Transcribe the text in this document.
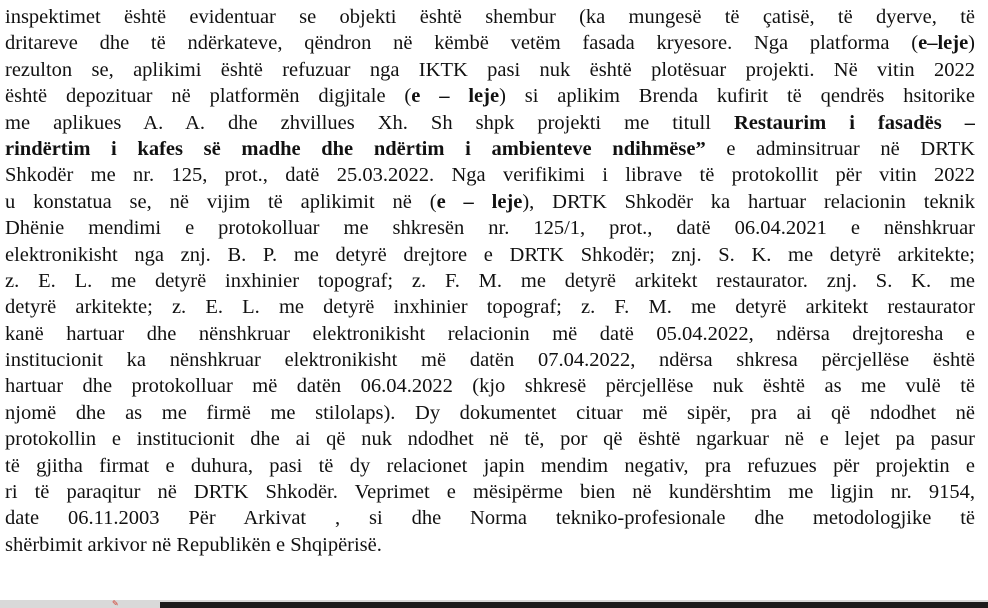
inspektimet është evidentuar se objekti është shembur (ka mungesë të çatisë, të dyerve, të
dritareve dhe të ndërkateve, qëndron në këmbë vetëm fasada kryesore. Nga platforma (e–leje)
rezulton se, aplikimi është refuzuar nga IKTK pasi nuk është plotësuar projekti. Në vitin 2022
është depozituar në platformën digjitale (e – leje) si aplikim Brenda kufirit të qendrës hsitorike
me aplikues A. A. dhe zhvillues Xh. Sh shpk projekti me titull Restaurim i fasadës –
rindërtim i kafes së madhe dhe ndërtim i ambienteve ndihmëse” e adminsitruar në DRTK
Shkodër me nr. 125, prot., datë 25.03.2022. Nga verifikimi i librave të protokollit për vitin 2022
u konstatua se, në vijim të aplikimit në (e – leje), DRTK Shkodër ka hartuar relacionin teknik
Dhënie mendimi e protokolluar me shkresën nr. 125/1, prot., datë 06.04.2021 e nënshkruar
elektronikisht nga znj. B. P. me detyrë drejtore e DRTK Shkodër; znj. S. K. me detyrë arkitekte;
z. E. L. me detyrë inxhinier topograf; z. F. M. me detyrë arkitekt restaurator. znj. S. K. me
detyrë arkitekte; z. E. L. me detyrë inxhinier topograf; z. F. M. me detyrë arkitekt restaurator
kanë hartuar dhe nënshkruar elektronikisht relacionin më datë 05.04.2022, ndërsa drejtoresha e
institucionit ka nënshkruar elektronikisht më datën 07.04.2022, ndërsa shkresa përcjellëse është
hartuar dhe protokolluar më datën 06.04.2022 (kjo shkresë përcjellëse nuk është as me vulë të
njomë dhe as me firmë me stilolaps). Dy dokumentet cituar më sipër, pra ai që ndodhet në
protokollin e institucionit dhe ai që nuk ndodhet në të, por që është ngarkuar në e lejet pa pasur
të gjitha firmat e duhura, pasi të dy relacionet japin mendim negativ, pra refuzues për projektin e
ri të paraqitur në DRTK Shkodër. Veprimet e mësipërme bien në kundërshtim me ligjin nr. 9154,
date 06.11.2003 Për Arkivat , si dhe Norma tekniko-profesionale dhe metodologjike të
shërbimit arkivor në Republikën e Shqipërisë.
✎
